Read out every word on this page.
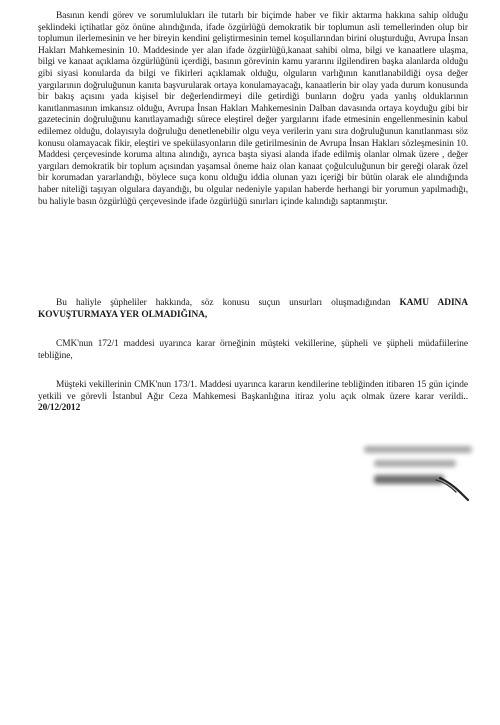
Basının kendi görev ve sorumlulukları ile tutarlı bir biçimde haber ve fikir aktarma hakkına sahip olduğu şeklindeki içtihatlar göz önüne alındığında, ifade özgürlüğü demokratik bir toplumun asli temellerinden olup bir toplumun ilerlemesinin ve her bireyin kendini geliştirmesinin temel koşullarından birini oluşturduğu, Avrupa İnsan Hakları Mahkemesinin 10. Maddesinde yer alan ifade özgürlüğü,kanaat sahibi olma, bilgi ve kanaatlere ulaşma, bilgi ve kanaat açıklama özgürlüğünü içerdiği, basının görevinin kamu yararını ilgilendiren başka alanlarda olduğu gibi siyasi konularda da bilgi ve fikirleri açıklamak olduğu, olguların varlığının kanıtlanabildiği oysa değer yargılarının doğruluğunun kanıta başvurularak ortaya konulamayacağı, kanaatlerin bir olay yada durum konusunda bir bakış açısını yada kişisel bir değerlendirmeyi dile getirdiği bunların doğru yada yanlış olduklarının kanıtlanmasının imkansız olduğu, Avrupa İnsan Hakları Mahkemesinin Dalban davasında ortaya koyduğu gibi bir gazetecinin doğruluğunu kanıtlayamadığı sürece eleştirel değer yargılarını ifade etmesinin engellenmesinin kabul edilemez olduğu, dolayısıyla doğruluğu denetlenebilir olgu veya verilerin yanı sıra doğruluğunun kanıtlanması söz konusu olamayacak fikir, eleştiri ve spekülasyonların dile getirilmesinin de Avrupa İnsan Hakları sözleşmesinin 10. Maddesi çerçevesinde koruma altına alındığı, ayrıca başta siyasi alanda ifade edilmiş olanlar olmak üzere , değer yargıları demokratik bir toplum açısından yaşamsal öneme haiz olan kanaat çoğulculuğunun bir gereği olarak özel bir korumadan yararlandığı, böylece suça konu olduğu iddia olunan yazı içeriği bir bütün olarak ele alındığında haber niteliği taşıyan olgulara dayandığı, bu olgular nedeniyle yapılan haberde herhangi bir yorumun yapılmadığı, bu haliyle basın özgürlüğü çerçevesinde ifade özgürlüğü sınırları içinde kalındığı saptanmıştır.

Bu haliyle şüpheliler hakkında, söz konusu suçun unsurları oluşmadığından KAMU ADINA KOVUŞTURMAYA YER OLMADIĞINA,

CMK'nun 172/1 maddesi uyarınca karar örneğinin müşteki vekillerine, şüpheli ve şüpheli müdafiilerine tebliğine,

Müşteki vekillerinin CMK'nun 173/1. Maddesi uyarınca kararın kendilerine tebliğinden itibaren 15 gün içinde yetkili ve görevli İstanbul Ağır Ceza Mahkemesi Başkanlığına itiraz yolu açık olmak üzere karar verildi.. 20/12/2012
